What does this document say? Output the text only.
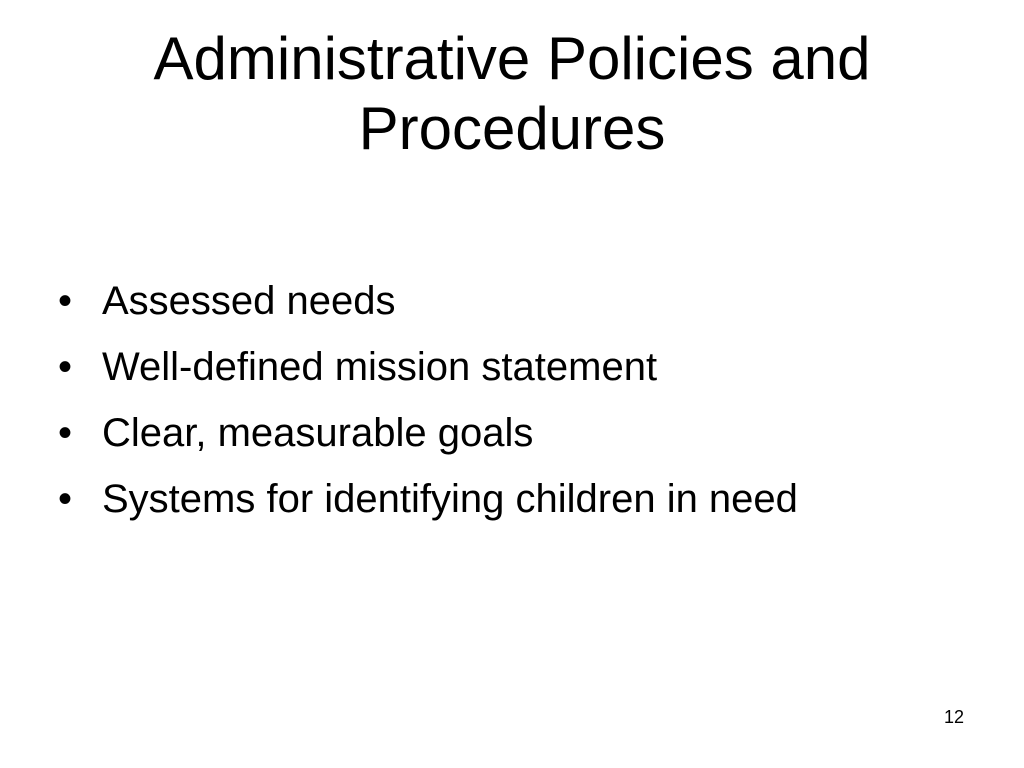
Administrative Policies and Procedures
• Assessed needs
• Well-defined mission statement
• Clear, measurable goals
• Systems for identifying children in need
12
